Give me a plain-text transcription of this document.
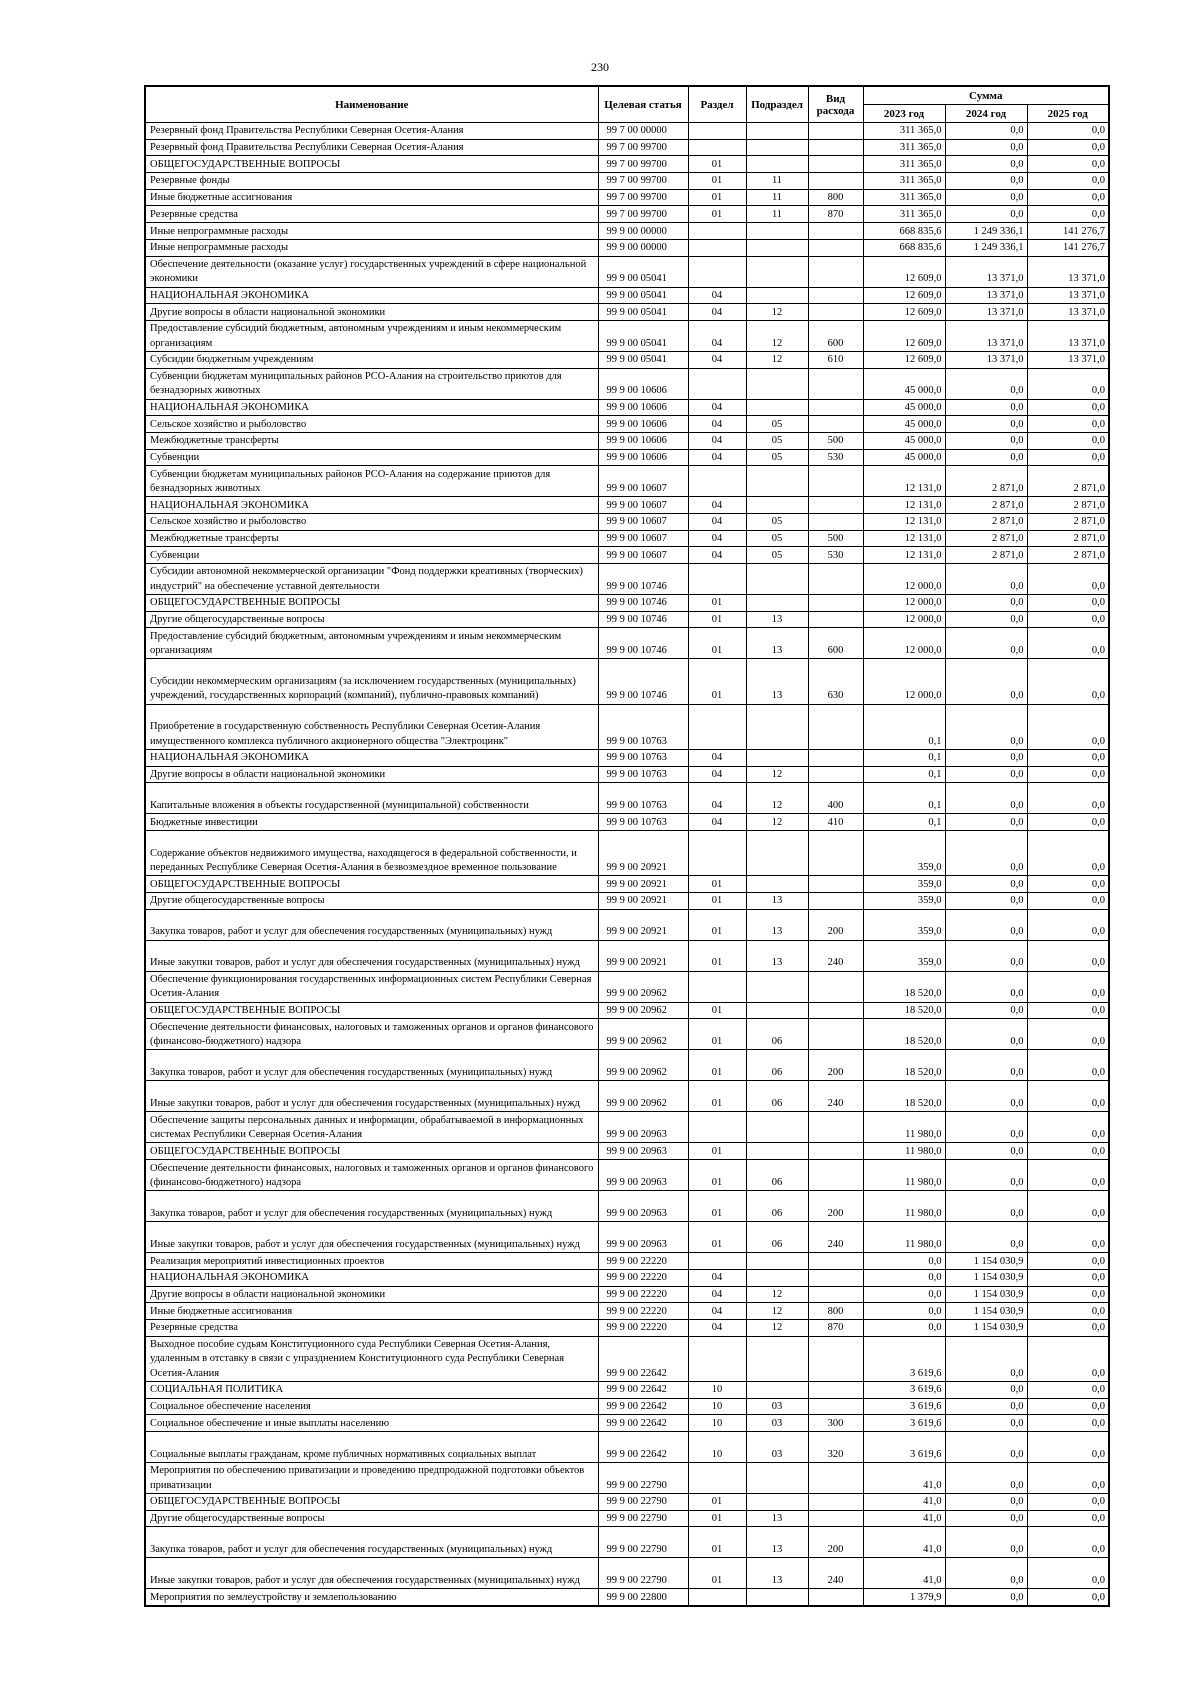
230
Наименование	Целевая статья	Раздел	Подраздел	Вид расхода	Сумма		
					2023 год	2024 год	2025 год
Резервный фонд Правительства Республики Северная Осетия-Алания	99 7 00 00000				311 365,0	0,0	0,0
Резервный фонд Правительства Республики Северная Осетия-Алания	99 7 00 99700				311 365,0	0,0	0,0
ОБЩЕГОСУДАРСТВЕННЫЕ ВОПРОСЫ	99 7 00 99700	01			311 365,0	0,0	0,0
Резервные фонды	99 7 00 99700	01	11		311 365,0	0,0	0,0
Иные бюджетные ассигнования	99 7 00 99700	01	11	800	311 365,0	0,0	0,0
Резервные средства	99 7 00 99700	01	11	870	311 365,0	0,0	0,0
Иные непрограммные расходы	99 9 00 00000				668 835,6	1 249 336,1	141 276,7
Иные непрограммные расходы	99 9 00 00000				668 835,6	1 249 336,1	141 276,7
Обеспечение деятельности (оказание услуг) государственных учреждений в сфере национальной экономики	99 9 00 05041				12 609,0	13 371,0	13 371,0
НАЦИОНАЛЬНАЯ ЭКОНОМИКА	99 9 00 05041	04			12 609,0	13 371,0	13 371,0
Другие вопросы в области национальной экономики	99 9 00 05041	04	12		12 609,0	13 371,0	13 371,0
Предоставление субсидий бюджетным, автономным учреждениям и иным некоммерческим организациям	99 9 00 05041	04	12	600	12 609,0	13 371,0	13 371,0
Субсидии бюджетным учреждениям	99 9 00 05041	04	12	610	12 609,0	13 371,0	13 371,0
Субвенции бюджетам муниципальных районов РСО-Алания на строительство приютов для безнадзорных животных	99 9 00 10606				45 000,0	0,0	0,0
НАЦИОНАЛЬНАЯ ЭКОНОМИКА	99 9 00 10606	04			45 000,0	0,0	0,0
Сельское хозяйство и рыболовство	99 9 00 10606	04	05		45 000,0	0,0	0,0
Межбюджетные трансферты	99 9 00 10606	04	05	500	45 000,0	0,0	0,0
Субвенции	99 9 00 10606	04	05	530	45 000,0	0,0	0,0
Субвенции бюджетам муниципальных районов РСО-Алания на содержание приютов для безнадзорных животных	99 9 00 10607				12 131,0	2 871,0	2 871,0
НАЦИОНАЛЬНАЯ ЭКОНОМИКА	99 9 00 10607	04			12 131,0	2 871,0	2 871,0
Сельское хозяйство и рыболовство	99 9 00 10607	04	05		12 131,0	2 871,0	2 871,0
Межбюджетные трансферты	99 9 00 10607	04	05	500	12 131,0	2 871,0	2 871,0
Субвенции	99 9 00 10607	04	05	530	12 131,0	2 871,0	2 871,0
Субсидии автономной некоммерческой организации "Фонд поддержки креативных (творческих) индустрий" на обеспечение уставной деятельности	99 9 00 10746				12 000,0	0,0	0,0
ОБЩЕГОСУДАРСТВЕННЫЕ ВОПРОСЫ	99 9 00 10746	01			12 000,0	0,0	0,0
Другие общегосударственные вопросы	99 9 00 10746	01	13		12 000,0	0,0	0,0
Предоставление субсидий бюджетным, автономным учреждениям и иным некоммерческим организациям	99 9 00 10746	01	13	600	12 000,0	0,0	0,0
Субсидии некоммерческим организациям (за исключением государственных (муниципальных) учреждений, государственных корпораций (компаний), публично-правовых компаний)	99 9 00 10746	01	13	630	12 000,0	0,0	0,0
Приобретение в государственную собственность Республики Северная Осетия-Алания имущественного комплекса публичного акционерного общества "Электроцинк"	99 9 00 10763				0,1	0,0	0,0
НАЦИОНАЛЬНАЯ ЭКОНОМИКА	99 9 00 10763	04			0,1	0,0	0,0
Другие вопросы в области национальной экономики	99 9 00 10763	04	12		0,1	0,0	0,0
Капитальные вложения в объекты государственной (муниципальной) собственности	99 9 00 10763	04	12	400	0,1	0,0	0,0
Бюджетные инвестиции	99 9 00 10763	04	12	410	0,1	0,0	0,0
Содержание объектов недвижимого имущества, находящегося в федеральной собственности, и переданных Республике Северная Осетия-Алания в безвозмездное временное пользование	99 9 00 20921				359,0	0,0	0,0
ОБЩЕГОСУДАРСТВЕННЫЕ ВОПРОСЫ	99 9 00 20921	01			359,0	0,0	0,0
Другие общегосударственные вопросы	99 9 00 20921	01	13		359,0	0,0	0,0
Закупка товаров, работ и услуг для обеспечения государственных (муниципальных) нужд	99 9 00 20921	01	13	200	359,0	0,0	0,0
Иные закупки товаров, работ и услуг для обеспечения государственных (муниципальных) нужд	99 9 00 20921	01	13	240	359,0	0,0	0,0
Обеспечение функционирования государственных информационных систем Республики Северная Осетия-Алания	99 9 00 20962				18 520,0	0,0	0,0
ОБЩЕГОСУДАРСТВЕННЫЕ ВОПРОСЫ	99 9 00 20962	01			18 520,0	0,0	0,0
Обеспечение деятельности финансовых, налоговых и таможенных органов и органов финансового (финансово-бюджетного) надзора	99 9 00 20962	01	06		18 520,0	0,0	0,0
Закупка товаров, работ и услуг для обеспечения государственных (муниципальных) нужд	99 9 00 20962	01	06	200	18 520,0	0,0	0,0
Иные закупки товаров, работ и услуг для обеспечения государственных (муниципальных) нужд	99 9 00 20962	01	06	240	18 520,0	0,0	0,0
Обеспечение защиты персональных данных и информации, обрабатываемой в информационных системах Республики Северная Осетия-Алания	99 9 00 20963				11 980,0	0,0	0,0
ОБЩЕГОСУДАРСТВЕННЫЕ ВОПРОСЫ	99 9 00 20963	01			11 980,0	0,0	0,0
Обеспечение деятельности финансовых, налоговых и таможенных органов и органов финансового (финансово-бюджетного) надзора	99 9 00 20963	01	06		11 980,0	0,0	0,0
Закупка товаров, работ и услуг для обеспечения государственных (муниципальных) нужд	99 9 00 20963	01	06	200	11 980,0	0,0	0,0
Иные закупки товаров, работ и услуг для обеспечения государственных (муниципальных) нужд	99 9 00 20963	01	06	240	11 980,0	0,0	0,0
Реализация мероприятий инвестиционных проектов	99 9 00 22220				0,0	1 154 030,9	0,0
НАЦИОНАЛЬНАЯ ЭКОНОМИКА	99 9 00 22220	04			0,0	1 154 030,9	0,0
Другие вопросы в области национальной экономики	99 9 00 22220	04	12		0,0	1 154 030,9	0,0
Иные бюджетные ассигнования	99 9 00 22220	04	12	800	0,0	1 154 030,9	0,0
Резервные средства	99 9 00 22220	04	12	870	0,0	1 154 030,9	0,0
Выходное пособие судьям Конституционного суда Республики Северная Осетия-Алания, удаленным в отставку в связи с упразднением Конституционного суда Республики Северная Осетия-Алания	99 9 00 22642				3 619,6	0,0	0,0
СОЦИАЛЬНАЯ ПОЛИТИКА	99 9 00 22642	10			3 619,6	0,0	0,0
Социальное обеспечение населения	99 9 00 22642	10	03		3 619,6	0,0	0,0
Социальное обеспечение и иные выплаты населению	99 9 00 22642	10	03	300	3 619,6	0,0	0,0
Социальные выплаты гражданам, кроме публичных нормативных социальных выплат	99 9 00 22642	10	03	320	3 619,6	0,0	0,0
Мероприятия по обеспечению приватизации и проведению предпродажной подготовки объектов приватизации	99 9 00 22790				41,0	0,0	0,0
ОБЩЕГОСУДАРСТВЕННЫЕ ВОПРОСЫ	99 9 00 22790	01			41,0	0,0	0,0
Другие общегосударственные вопросы	99 9 00 22790	01	13		41,0	0,0	0,0
Закупка товаров, работ и услуг для обеспечения государственных (муниципальных) нужд	99 9 00 22790	01	13	200	41,0	0,0	0,0
Иные закупки товаров, работ и услуг для обеспечения государственных (муниципальных) нужд	99 9 00 22790	01	13	240	41,0	0,0	0,0
Мероприятия по землеустройству и землепользованию	99 9 00 22800				1 379,9	0,0	0,0
